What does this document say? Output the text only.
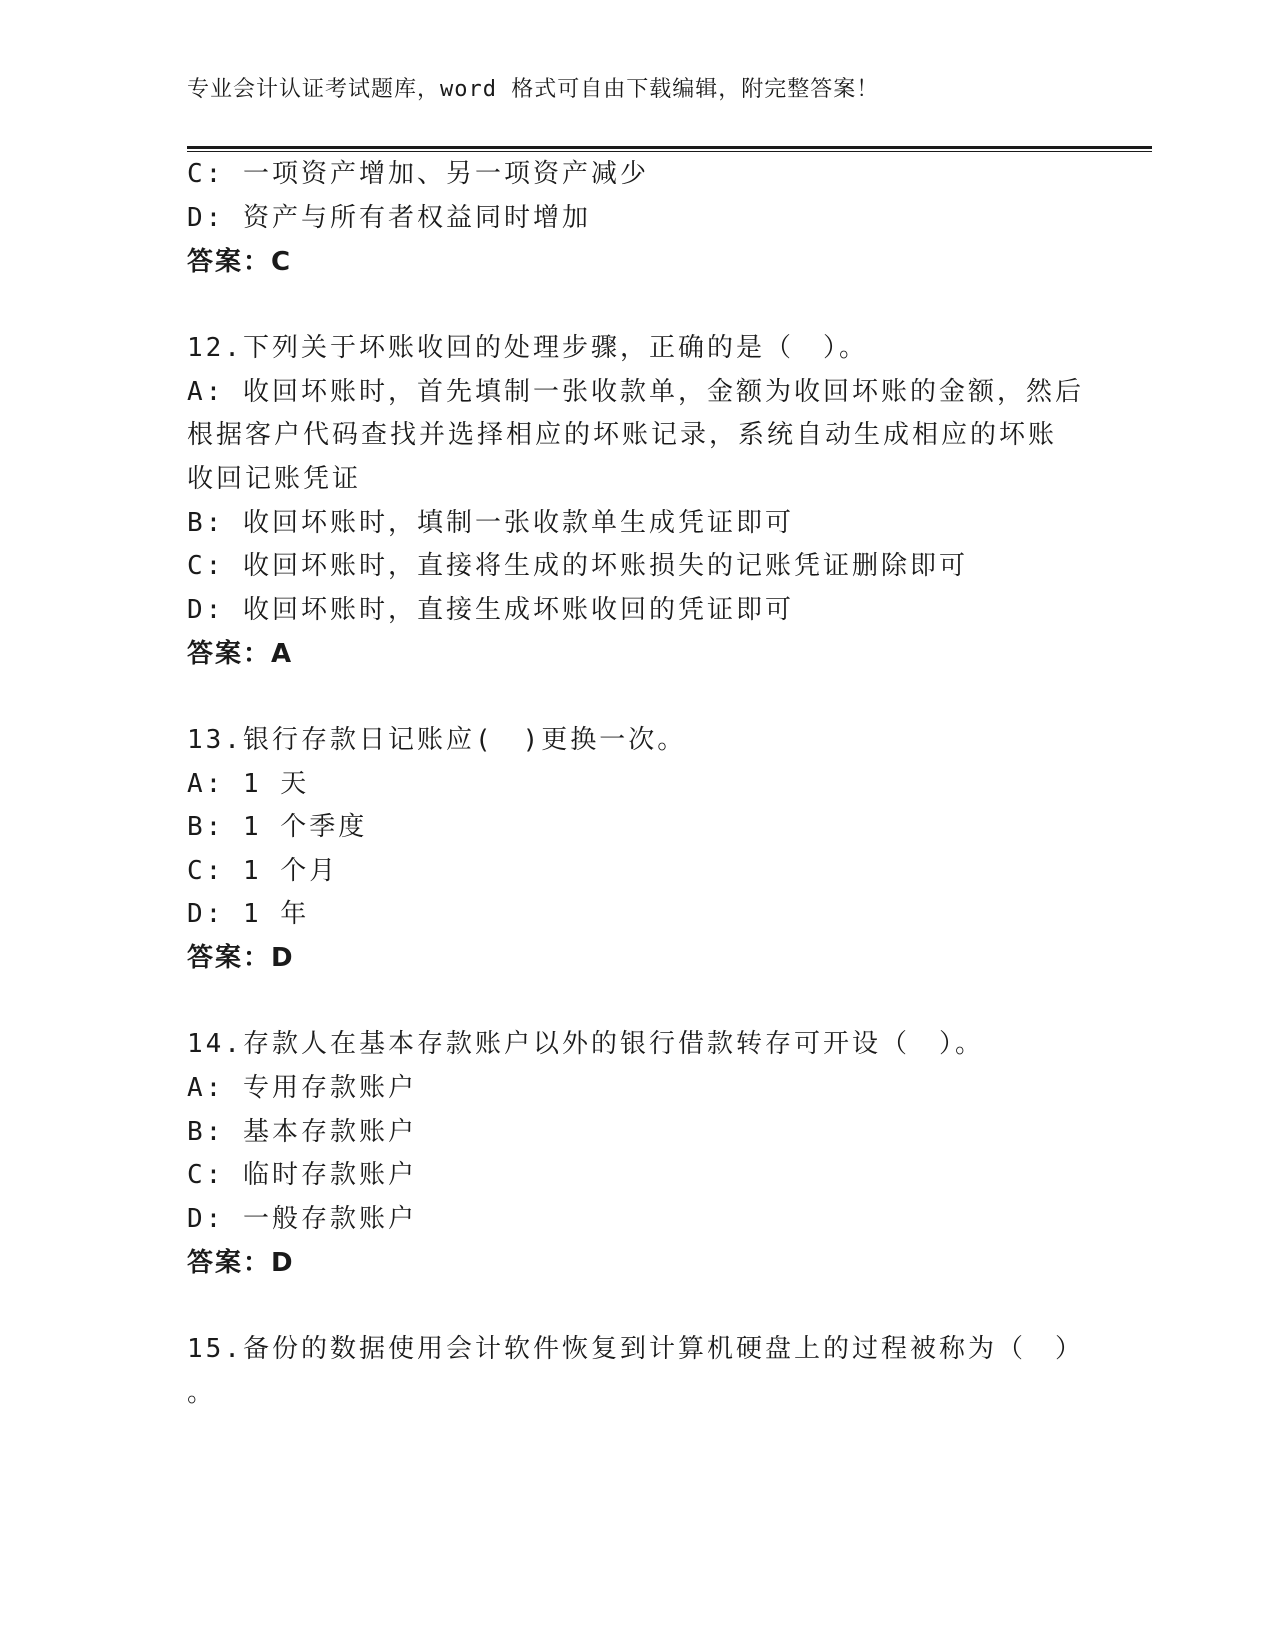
专业会计认证考试题库，word 格式可自由下载编辑，附完整答案！
C: 一项资产增加、另一项资产减少
D: 资产与所有者权益同时增加
答案：C
12.下列关于坏账收回的处理步骤，正确的是（　）。
A: 收回坏账时，首先填制一张收款单，金额为收回坏账的金额，然后
根据客户代码查找并选择相应的坏账记录，系统自动生成相应的坏账
收回记账凭证
B: 收回坏账时，填制一张收款单生成凭证即可
C: 收回坏账时，直接将生成的坏账损失的记账凭证删除即可
D: 收回坏账时，直接生成坏账收回的凭证即可
答案：A
13.银行存款日记账应(　)更换一次。
A: 1 天
B: 1 个季度
C: 1 个月
D: 1 年
答案：D
14.存款人在基本存款账户以外的银行借款转存可开设（　）。
A: 专用存款账户
B: 基本存款账户
C: 临时存款账户
D: 一般存款账户
答案：D
15.备份的数据使用会计软件恢复到计算机硬盘上的过程被称为（　）
。
